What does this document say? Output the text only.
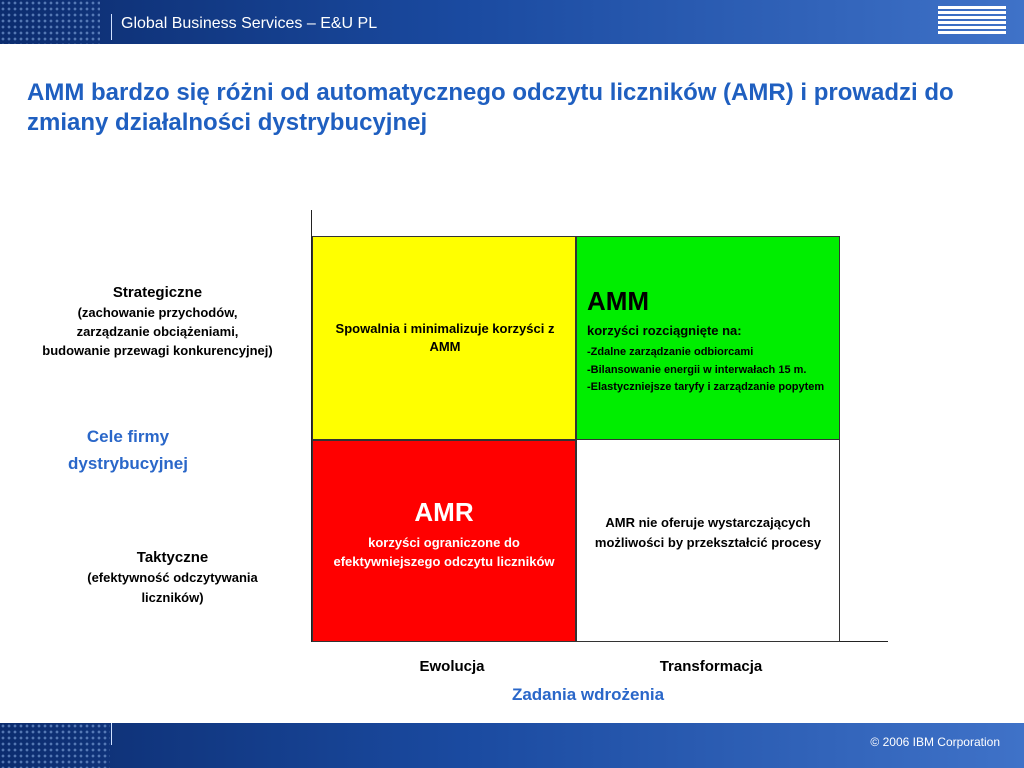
Global Business Services – E&U PL
AMM bardzo się różni od automatycznego odczytu liczników (AMR) i prowadzi do zmiany działalności dystrybucyjnej
Spowalnia i minimalizuje korzyści z AMM
AMM
korzyści rozciągnięte na:
-Zdalne zarządzanie odbiorcami
-Bilansowanie energii w interwałach 15 m.
-Elastyczniejsze taryfy i zarządzanie popytem
AMR
korzyści ograniczone do efektywniejszego odczytu liczników
AMR nie oferuje wystarczających możliwości by przekształcić procesy
Strategiczne
(zachowanie przychodów,
zarządzanie obciążeniami,
budowanie przewagi konkurencyjnej)
Cele firmy dystrybucyjnej
Taktyczne
(efektywność odczytywania
liczników)
Ewolucja	Transformacja
Zadania wdrożenia
© 2006 IBM Corporation
